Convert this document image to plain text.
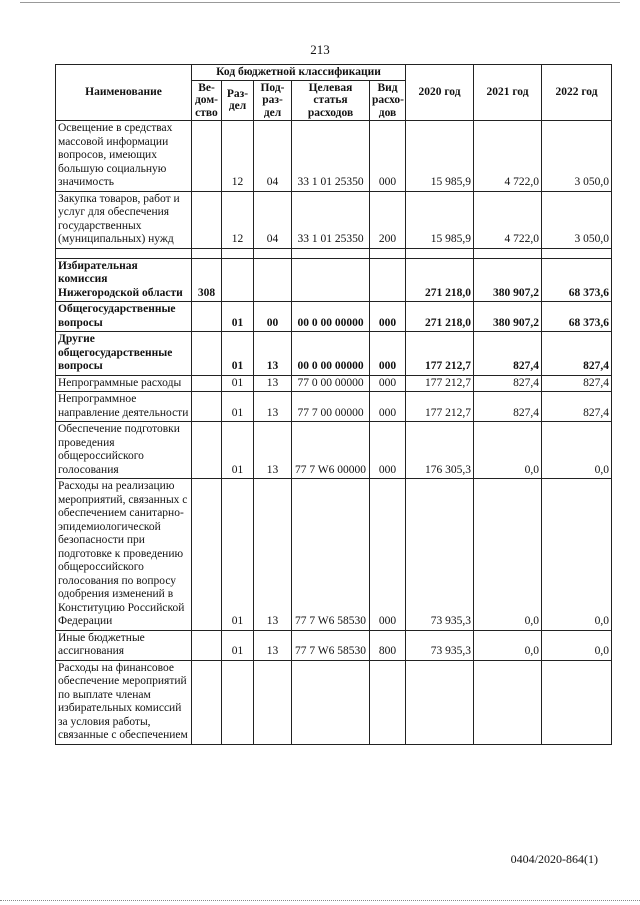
213
Наименование	Код бюджетной классификации					2020 год	2021 год	2022 год
	Ве-дом-ство	Раз-дел	Под-раз-дел	Целевая статья расходов	Вид расхо-дов			
Освещение в средствах массовой информации вопросов, имеющих большую социальную значимость		12	04	33 1 01 25350	000	15 985,9	4 722,0	3 050,0
Закупка товаров, работ и услуг для обеспечения государственных (муниципальных) нужд		12	04	33 1 01 25350	200	15 985,9	4 722,0	3 050,0

Избирательная комиссия Нижегородской области	308					271 218,0	380 907,2	68 373,6
Общегосударственные вопросы		01	00	00 0 00 00000	000	271 218,0	380 907,2	68 373,6
Другие общегосударственные вопросы		01	13	00 0 00 00000	000	177 212,7	827,4	827,4
Непрограммные расходы		01	13	77 0 00 00000	000	177 212,7	827,4	827,4
Непрограммное направление деятельности		01	13	77 7 00 00000	000	177 212,7	827,4	827,4
Обеспечение подготовки проведения общероссийского голосования		01	13	77 7 W6 00000	000	176 305,3	0,0	0,0
Расходы на реализацию мероприятий, связанных с обеспечением санитарно-эпидемиологической безопасности при подготовке к проведению общероссийского голосования по вопросу одобрения изменений в Конституцию Российской Федерации		01	13	77 7 W6 58530	000	73 935,3	0,0	0,0
Иные бюджетные ассигнования		01	13	77 7 W6 58530	800	73 935,3	0,0	0,0
Расходы на финансовое обеспечение мероприятий по выплате членам избирательных комиссий за условия работы, связанные с обеспечением								
0404/2020-864(1)
